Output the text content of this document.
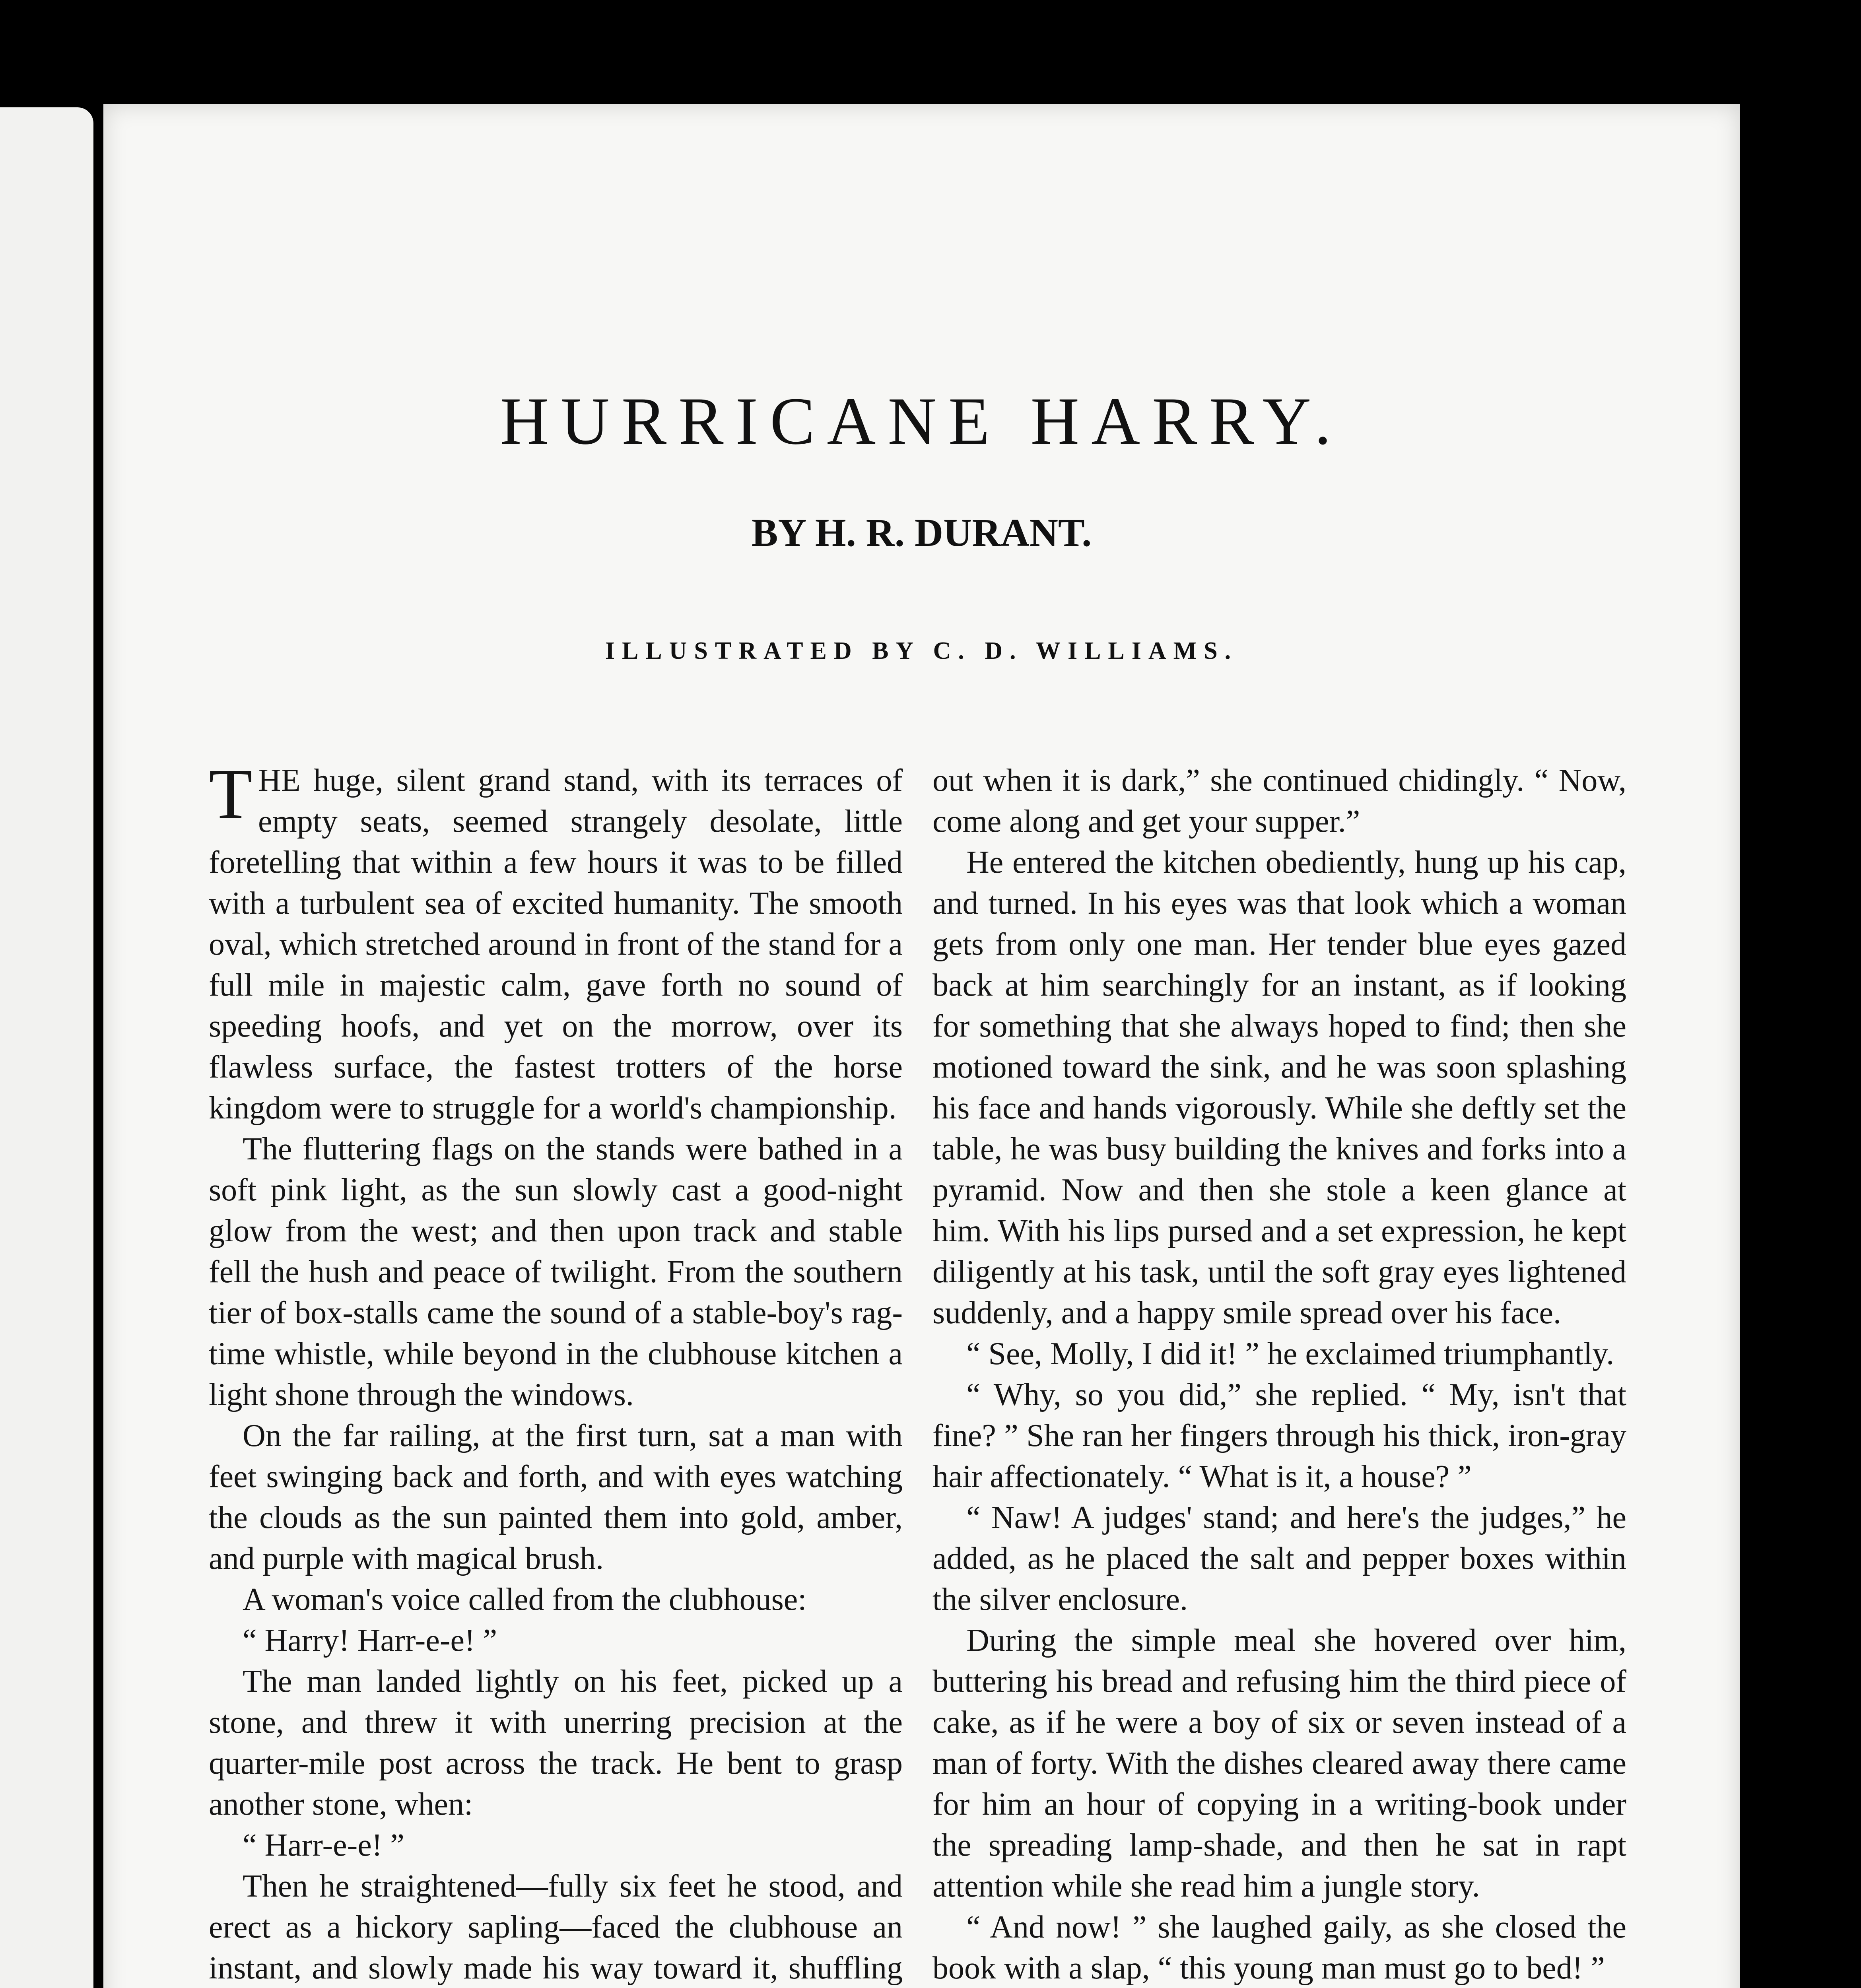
HURRICANE HARRY.
BY H. R. DURANT.
ILLUSTRATED BY C. D. WILLIAMS.

THE huge, silent grand stand, with its terraces of empty seats, seemed strangely desolate, little foretelling that within a few hours it was to be filled with a turbulent sea of excited humanity. The smooth oval, which stretched around in front of the stand for a full mile in majestic calm, gave forth no sound of speeding hoofs, and yet on the morrow, over its flawless surface, the fastest trotters of the horse kingdom were to struggle for a world's championship.

The fluttering flags on the stands were bathed in a soft pink light, as the sun slowly cast a good-night glow from the west; and then upon track and stable fell the hush and peace of twilight. From the southern tier of box-stalls came the sound of a stable-boy's rag-time whistle, while beyond in the clubhouse kitchen a light shone through the windows.

On the far railing, at the first turn, sat a man with feet swinging back and forth, and with eyes watching the clouds as the sun painted them into gold, amber, and purple with magical brush.

A woman's voice called from the clubhouse:

“ Harry! Harr-e-e! ”

The man landed lightly on his feet, picked up a stone, and threw it with unerring precision at the quarter-mile post across the track. He bent to grasp another stone, when:

“ Harr-e-e! ”

Then he straightened—fully six feet he stood, and erect as a hickory sapling—faced the clubhouse an instant, and slowly made his way toward it, shuffling

out when it is dark,” she continued chidingly. “ Now, come along and get your supper.”

He entered the kitchen obediently, hung up his cap, and turned. In his eyes was that look which a woman gets from only one man. Her tender blue eyes gazed back at him searchingly for an instant, as if looking for something that she always hoped to find; then she motioned toward the sink, and he was soon splashing his face and hands vigorously. While she deftly set the table, he was busy building the knives and forks into a pyramid. Now and then she stole a keen glance at him. With his lips pursed and a set expression, he kept diligently at his task, until the soft gray eyes lightened suddenly, and a happy smile spread over his face.

“ See, Molly, I did it! ” he exclaimed triumphantly.

“ Why, so you did,” she replied. “ My, isn't that fine? ” She ran her fingers through his thick, iron-gray hair affectionately. “ What is it, a house? ”

“ Naw! A judges' stand; and here's the judges,” he added, as he placed the salt and pepper boxes within the silver enclosure.

During the simple meal she hovered over him, buttering his bread and refusing him the third piece of cake, as if he were a boy of six or seven instead of a man of forty. With the dishes cleared away there came for him an hour of copying in a writing-book under the spreading lamp-shade, and then he sat in rapt attention while she read him a jungle story.

“ And now! ” she laughed gaily, as she closed the book with a slap, “ this young man must go to bed! ”
